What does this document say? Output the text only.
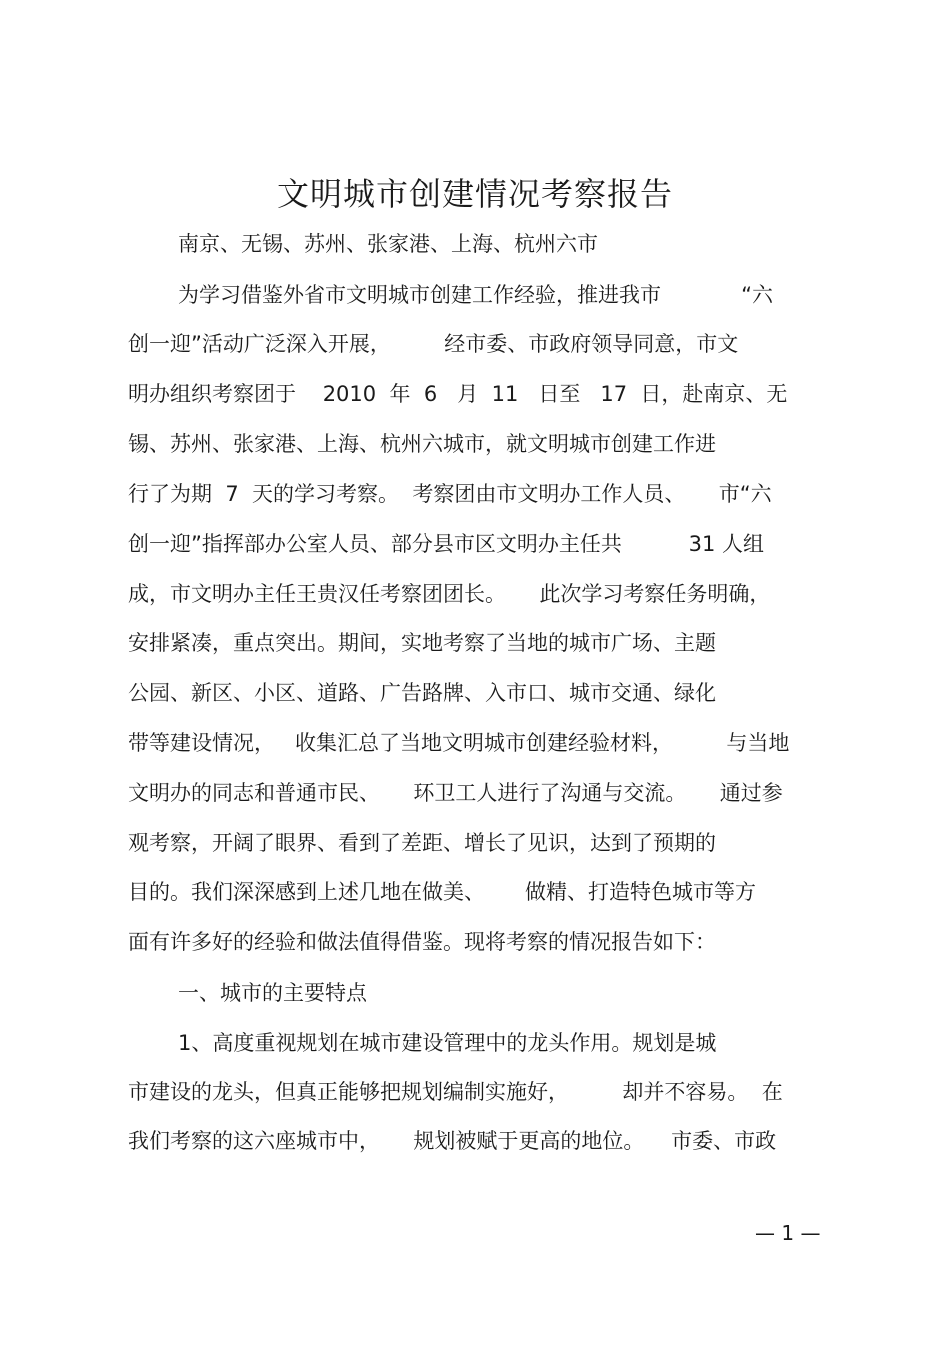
文明城市创建情况考察报告
南京、无锡、苏州、张家港、上海、杭州六市
为学习借鉴外省市文明城市创建工作经验，推进我市            “六
创一迎”活动广泛深入开展，        经市委、市政府领导同意，市文
明办组织考察团于    2010  年  6   月  11   日至   17  日，赴南京、无
锡、苏州、张家港、上海、杭州六城市，就文明城市创建工作进
行了为期  7  天的学习考察。  考察团由市文明办工作人员、     市“六
创一迎”指挥部办公室人员、部分县市区文明办主任共          31 人组
成，市文明办主任王贵汉任考察团团长。     此次学习考察任务明确，
安排紧凑，重点突出。期间，实地考察了当地的城市广场、主题
公园、新区、小区、道路、广告路牌、入市口、城市交通、绿化
带等建设情况，   收集汇总了当地文明城市创建经验材料，        与当地
文明办的同志和普通市民、     环卫工人进行了沟通与交流。     通过参
观考察，开阔了眼界、看到了差距、增长了见识，达到了预期的
目的。我们深深感到上述几地在做美、      做精、打造特色城市等方
面有许多好的经验和做法值得借鉴。现将考察的情况报告如下：
一、城市的主要特点
1、高度重视规划在城市建设管理中的龙头作用。规划是城
市建设的龙头，但真正能够把规划编制实施好，        却并不容易。  在
我们考察的这六座城市中，     规划被赋于更高的地位。    市委、市政
— 1 —
